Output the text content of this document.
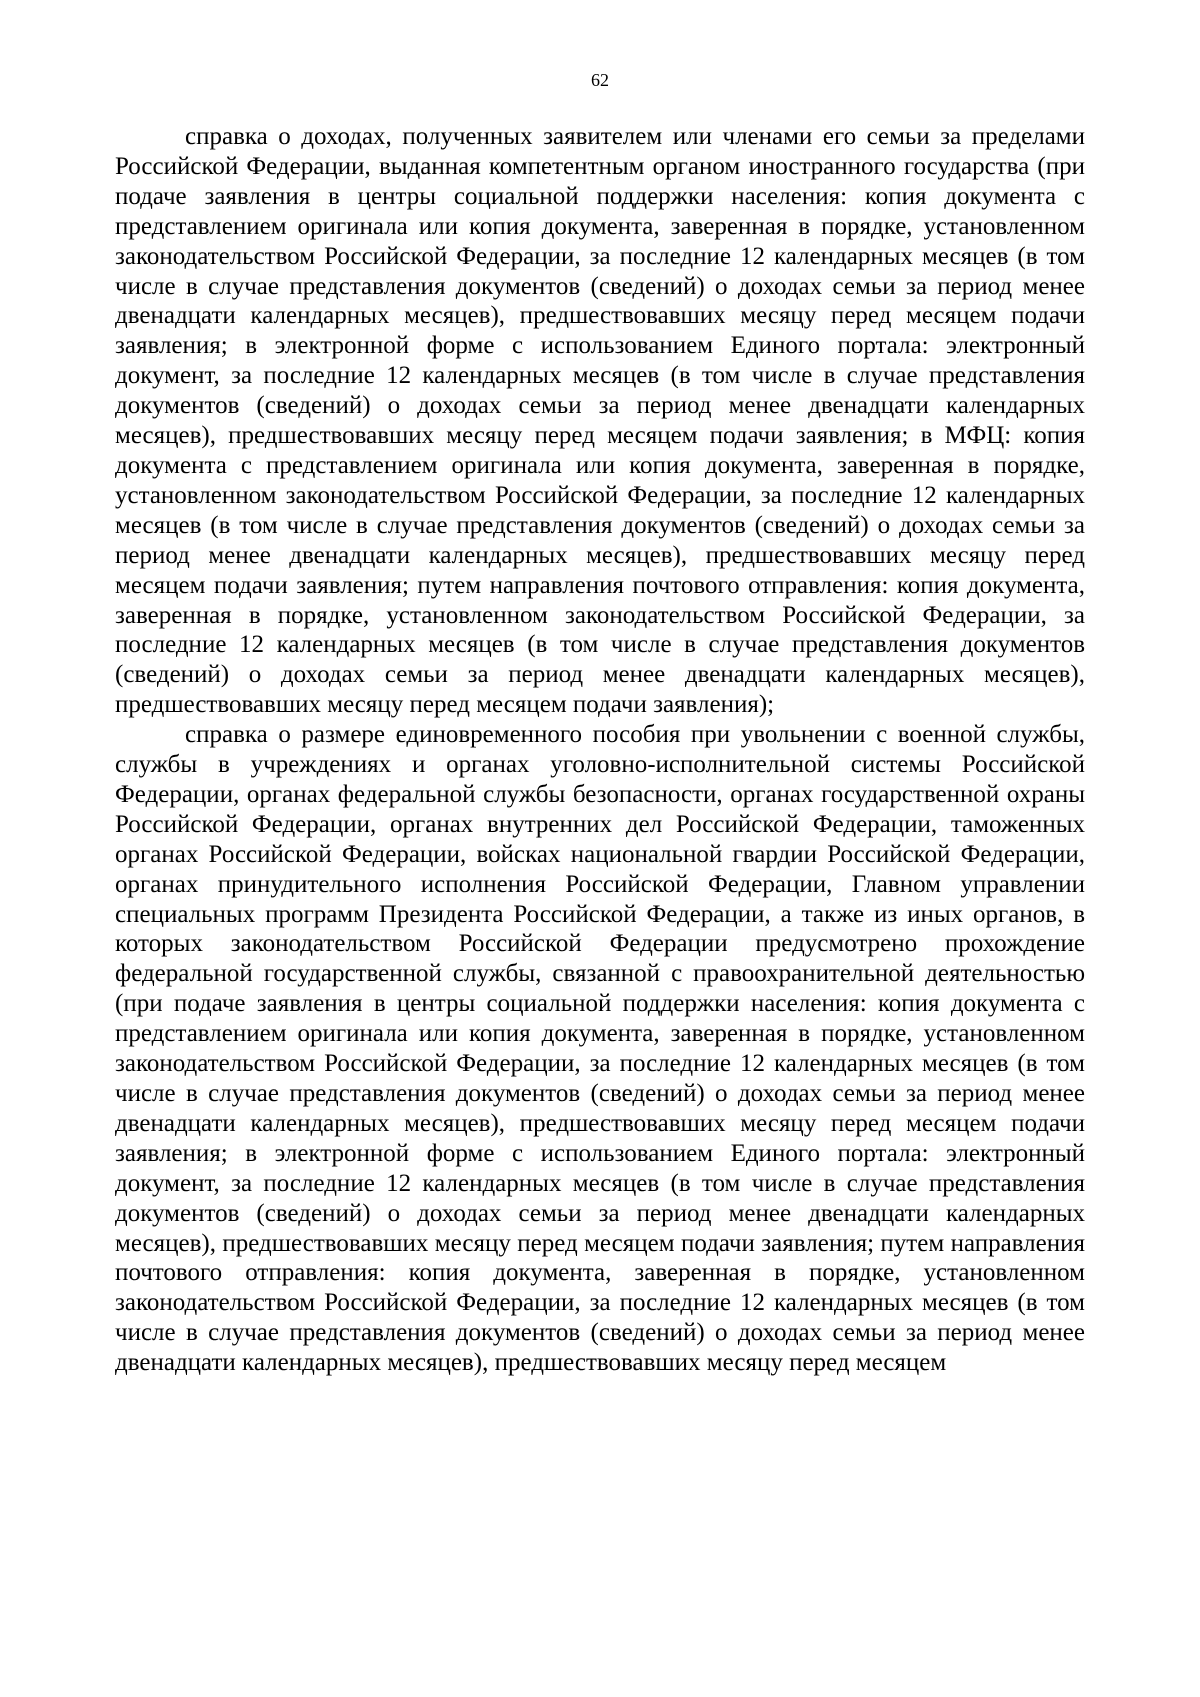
62

справка о доходах, полученных заявителем или членами его семьи за пределами Российской Федерации, выданная компетентным органом иностранного государства (при подаче заявления в центры социальной поддержки населения: копия документа с представлением оригинала или копия документа, заверенная в порядке, установленном законодательством Российской Федерации, за последние 12 календарных месяцев (в том числе в случае представления документов (сведений) о доходах семьи за период менее двенадцати календарных месяцев), предшествовавших месяцу перед месяцем подачи заявления; в электронной форме с использованием Единого портала: электронный документ, за последние 12 календарных месяцев (в том числе в случае представления документов (сведений) о доходах семьи за период менее двенадцати календарных месяцев), предшествовавших месяцу перед месяцем подачи заявления; в МФЦ: копия документа с представлением оригинала или копия документа, заверенная в порядке, установленном законодательством Российской Федерации, за последние 12 календарных месяцев (в том числе в случае представления документов (сведений) о доходах семьи за период менее двенадцати календарных месяцев), предшествовавших месяцу перед месяцем подачи заявления; путем направления почтового отправления: копия документа, заверенная в порядке, установленном законодательством Российской Федерации, за последние 12 календарных месяцев (в том числе в случае представления документов (сведений) о доходах семьи за период менее двенадцати календарных месяцев), предшествовавших месяцу перед месяцем подачи заявления);

справка о размере единовременного пособия при увольнении с военной службы, службы в учреждениях и органах уголовно-исполнительной системы Российской Федерации, органах федеральной службы безопасности, органах государственной охраны Российской Федерации, органах внутренних дел Российской Федерации, таможенных органах Российской Федерации, войсках национальной гвардии Российской Федерации, органах принудительного исполнения Российской Федерации, Главном управлении специальных программ Президента Российской Федерации, а также из иных органов, в которых законодательством Российской Федерации предусмотрено прохождение федеральной государственной службы, связанной с правоохранительной деятельностью (при подаче заявления в центры социальной поддержки населения: копия документа с представлением оригинала или копия документа, заверенная в порядке, установленном законодательством Российской Федерации, за последние 12 календарных месяцев (в том числе в случае представления документов (сведений) о доходах семьи за период менее двенадцати календарных месяцев), предшествовавших месяцу перед месяцем подачи заявления; в электронной форме с использованием Единого портала: электронный документ, за последние 12 календарных месяцев (в том числе в случае представления документов (сведений) о доходах семьи за период менее двенадцати календарных месяцев), предшествовавших месяцу перед месяцем подачи заявления; путем направления почтового отправления: копия документа, заверенная в порядке, установленном законодательством Российской Федерации, за последние 12 календарных месяцев (в том числе в случае представления документов (сведений) о доходах семьи за период менее двенадцати календарных месяцев), предшествовавших месяцу перед месяцем
